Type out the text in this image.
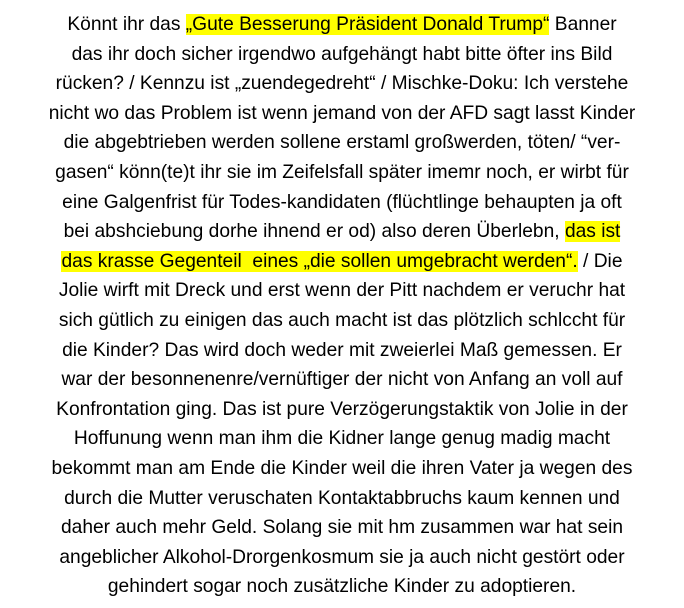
Könnt ihr das „Gute Besserung Präsident Donald Trump“ Banner
das ihr doch sicher irgendwo aufgehängt habt bitte öfter ins Bild
rücken? / Kennzu ist „zuendegedreht“ / Mischke-Doku: Ich verstehe
nicht wo das Problem ist wenn jemand von der AFD sagt lasst Kinder
die abgebtrieben werden sollene erstaml großwerden, töten/ “ver-
gasen“ könn(te)t ihr sie im Zeifelsfall später imemr noch, er wirbt für
eine Galgenfrist für Todes-kandidaten (flüchtlinge behaupten ja oft
bei abshciebung dorhe ihnend er od) also deren Überlebn, das ist
das krasse Gegenteil  eines „die sollen umgebracht werden“. / Die
Jolie wirft mit Dreck und erst wenn der Pitt nachdem er veruchr hat
sich gütlich zu einigen das auch macht ist das plötzlich schlccht für
die Kinder? Das wird doch weder mit zweierlei Maß gemessen. Er
war der besonnenenre/vernüftiger der nicht von Anfang an voll auf
Konfrontation ging. Das ist pure Verzögerungstaktik von Jolie in der
Hoffunung wenn man ihm die Kidner lange genug madig macht
bekommt man am Ende die Kinder weil die ihren Vater ja wegen des
durch die Mutter veruschaten Kontaktabbruchs kaum kennen und
daher auch mehr Geld. Solang sie mit hm zusammen war hat sein
angeblicher Alkohol-Drorgenkosmum sie ja auch nicht gestört oder
gehindert sogar noch zusätzliche Kinder zu adoptieren.
